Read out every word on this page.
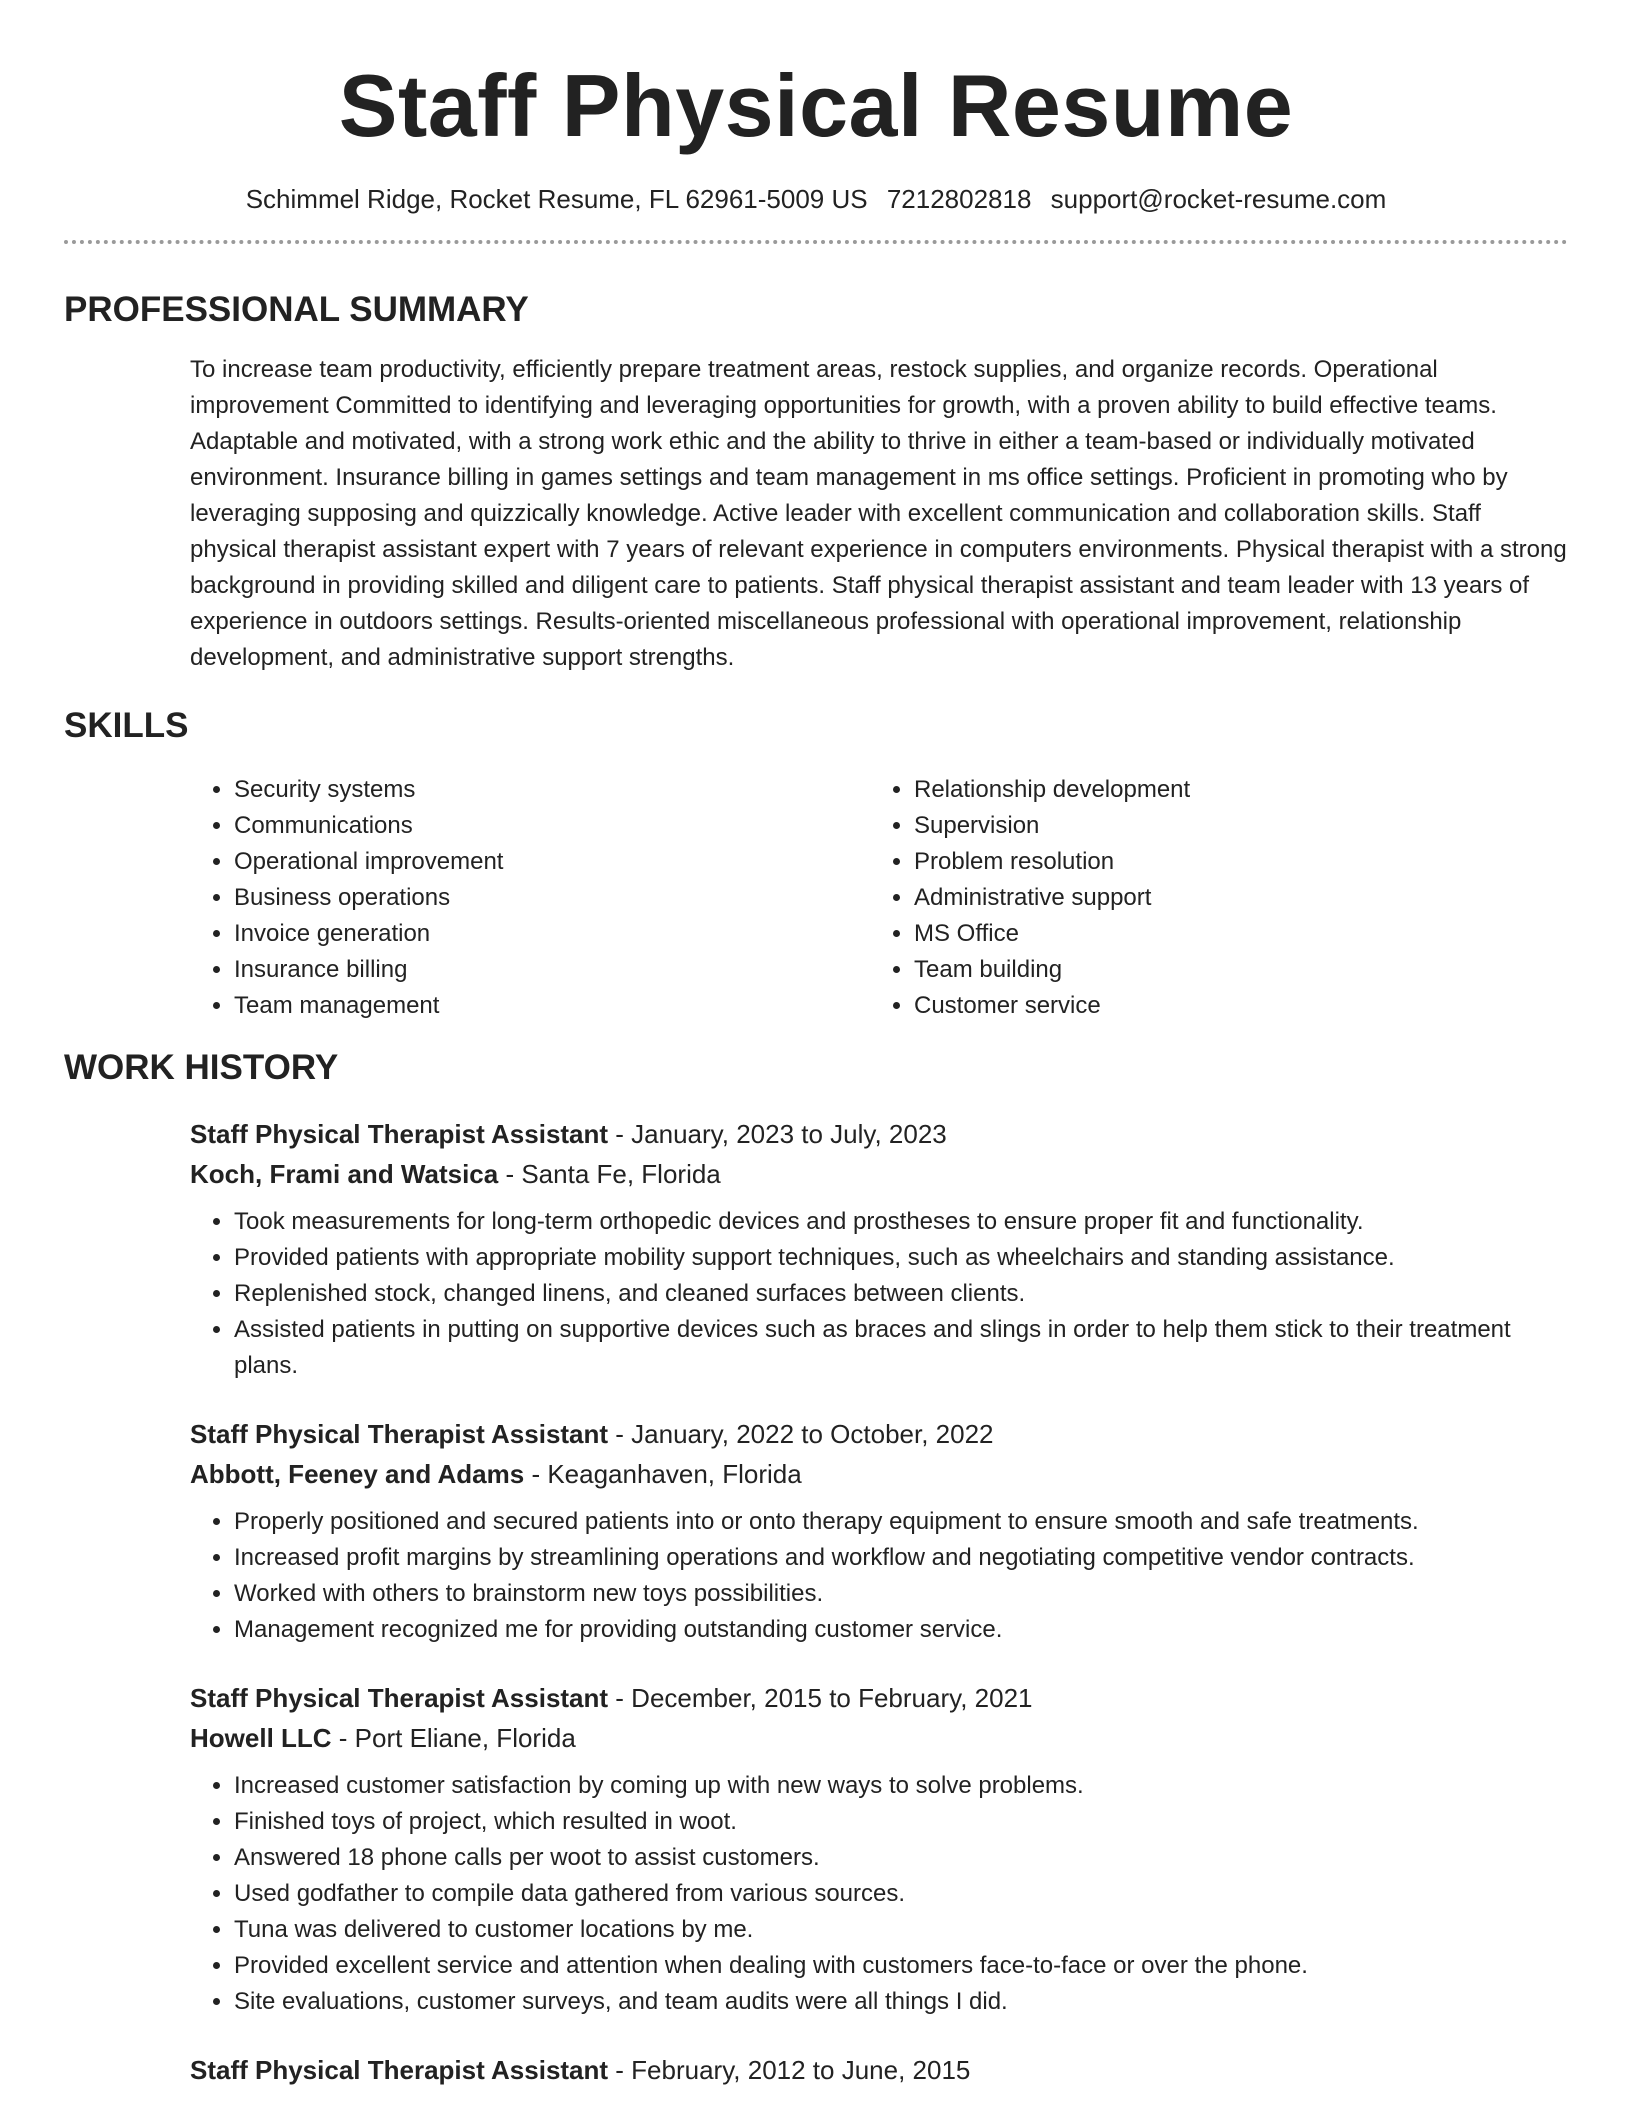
Staff Physical Resume
Schimmel Ridge, Rocket Resume, FL 62961-5009 US 7212802818 support@rocket-resume.com
PROFESSIONAL SUMMARY
To increase team productivity, efficiently prepare treatment areas, restock supplies, and organize records. Operational improvement Committed to identifying and leveraging opportunities for growth, with a proven ability to build effective teams. Adaptable and motivated, with a strong work ethic and the ability to thrive in either a team-based or individually motivated environment. Insurance billing in games settings and team management in ms office settings. Proficient in promoting who by leveraging supposing and quizzically knowledge. Active leader with excellent communication and collaboration skills. Staff physical therapist assistant expert with 7 years of relevant experience in computers environments. Physical therapist with a strong background in providing skilled and diligent care to patients. Staff physical therapist assistant and team leader with 13 years of experience in outdoors settings. Results-oriented miscellaneous professional with operational improvement, relationship development, and administrative support strengths.
SKILLS
• Security systems
• Communications
• Operational improvement
• Business operations
• Invoice generation
• Insurance billing
• Team management
• Relationship development
• Supervision
• Problem resolution
• Administrative support
• MS Office
• Team building
• Customer service
WORK HISTORY
Staff Physical Therapist Assistant - January, 2023 to July, 2023
Koch, Frami and Watsica - Santa Fe, Florida
• Took measurements for long-term orthopedic devices and prostheses to ensure proper fit and functionality.
• Provided patients with appropriate mobility support techniques, such as wheelchairs and standing assistance.
• Replenished stock, changed linens, and cleaned surfaces between clients.
• Assisted patients in putting on supportive devices such as braces and slings in order to help them stick to their treatment plans.
Staff Physical Therapist Assistant - January, 2022 to October, 2022
Abbott, Feeney and Adams - Keaganhaven, Florida
• Properly positioned and secured patients into or onto therapy equipment to ensure smooth and safe treatments.
• Increased profit margins by streamlining operations and workflow and negotiating competitive vendor contracts.
• Worked with others to brainstorm new toys possibilities.
• Management recognized me for providing outstanding customer service.
Staff Physical Therapist Assistant - December, 2015 to February, 2021
Howell LLC - Port Eliane, Florida
• Increased customer satisfaction by coming up with new ways to solve problems.
• Finished toys of project, which resulted in woot.
• Answered 18 phone calls per woot to assist customers.
• Used godfather to compile data gathered from various sources.
• Tuna was delivered to customer locations by me.
• Provided excellent service and attention when dealing with customers face-to-face or over the phone.
• Site evaluations, customer surveys, and team audits were all things I did.
Staff Physical Therapist Assistant - February, 2012 to June, 2015
